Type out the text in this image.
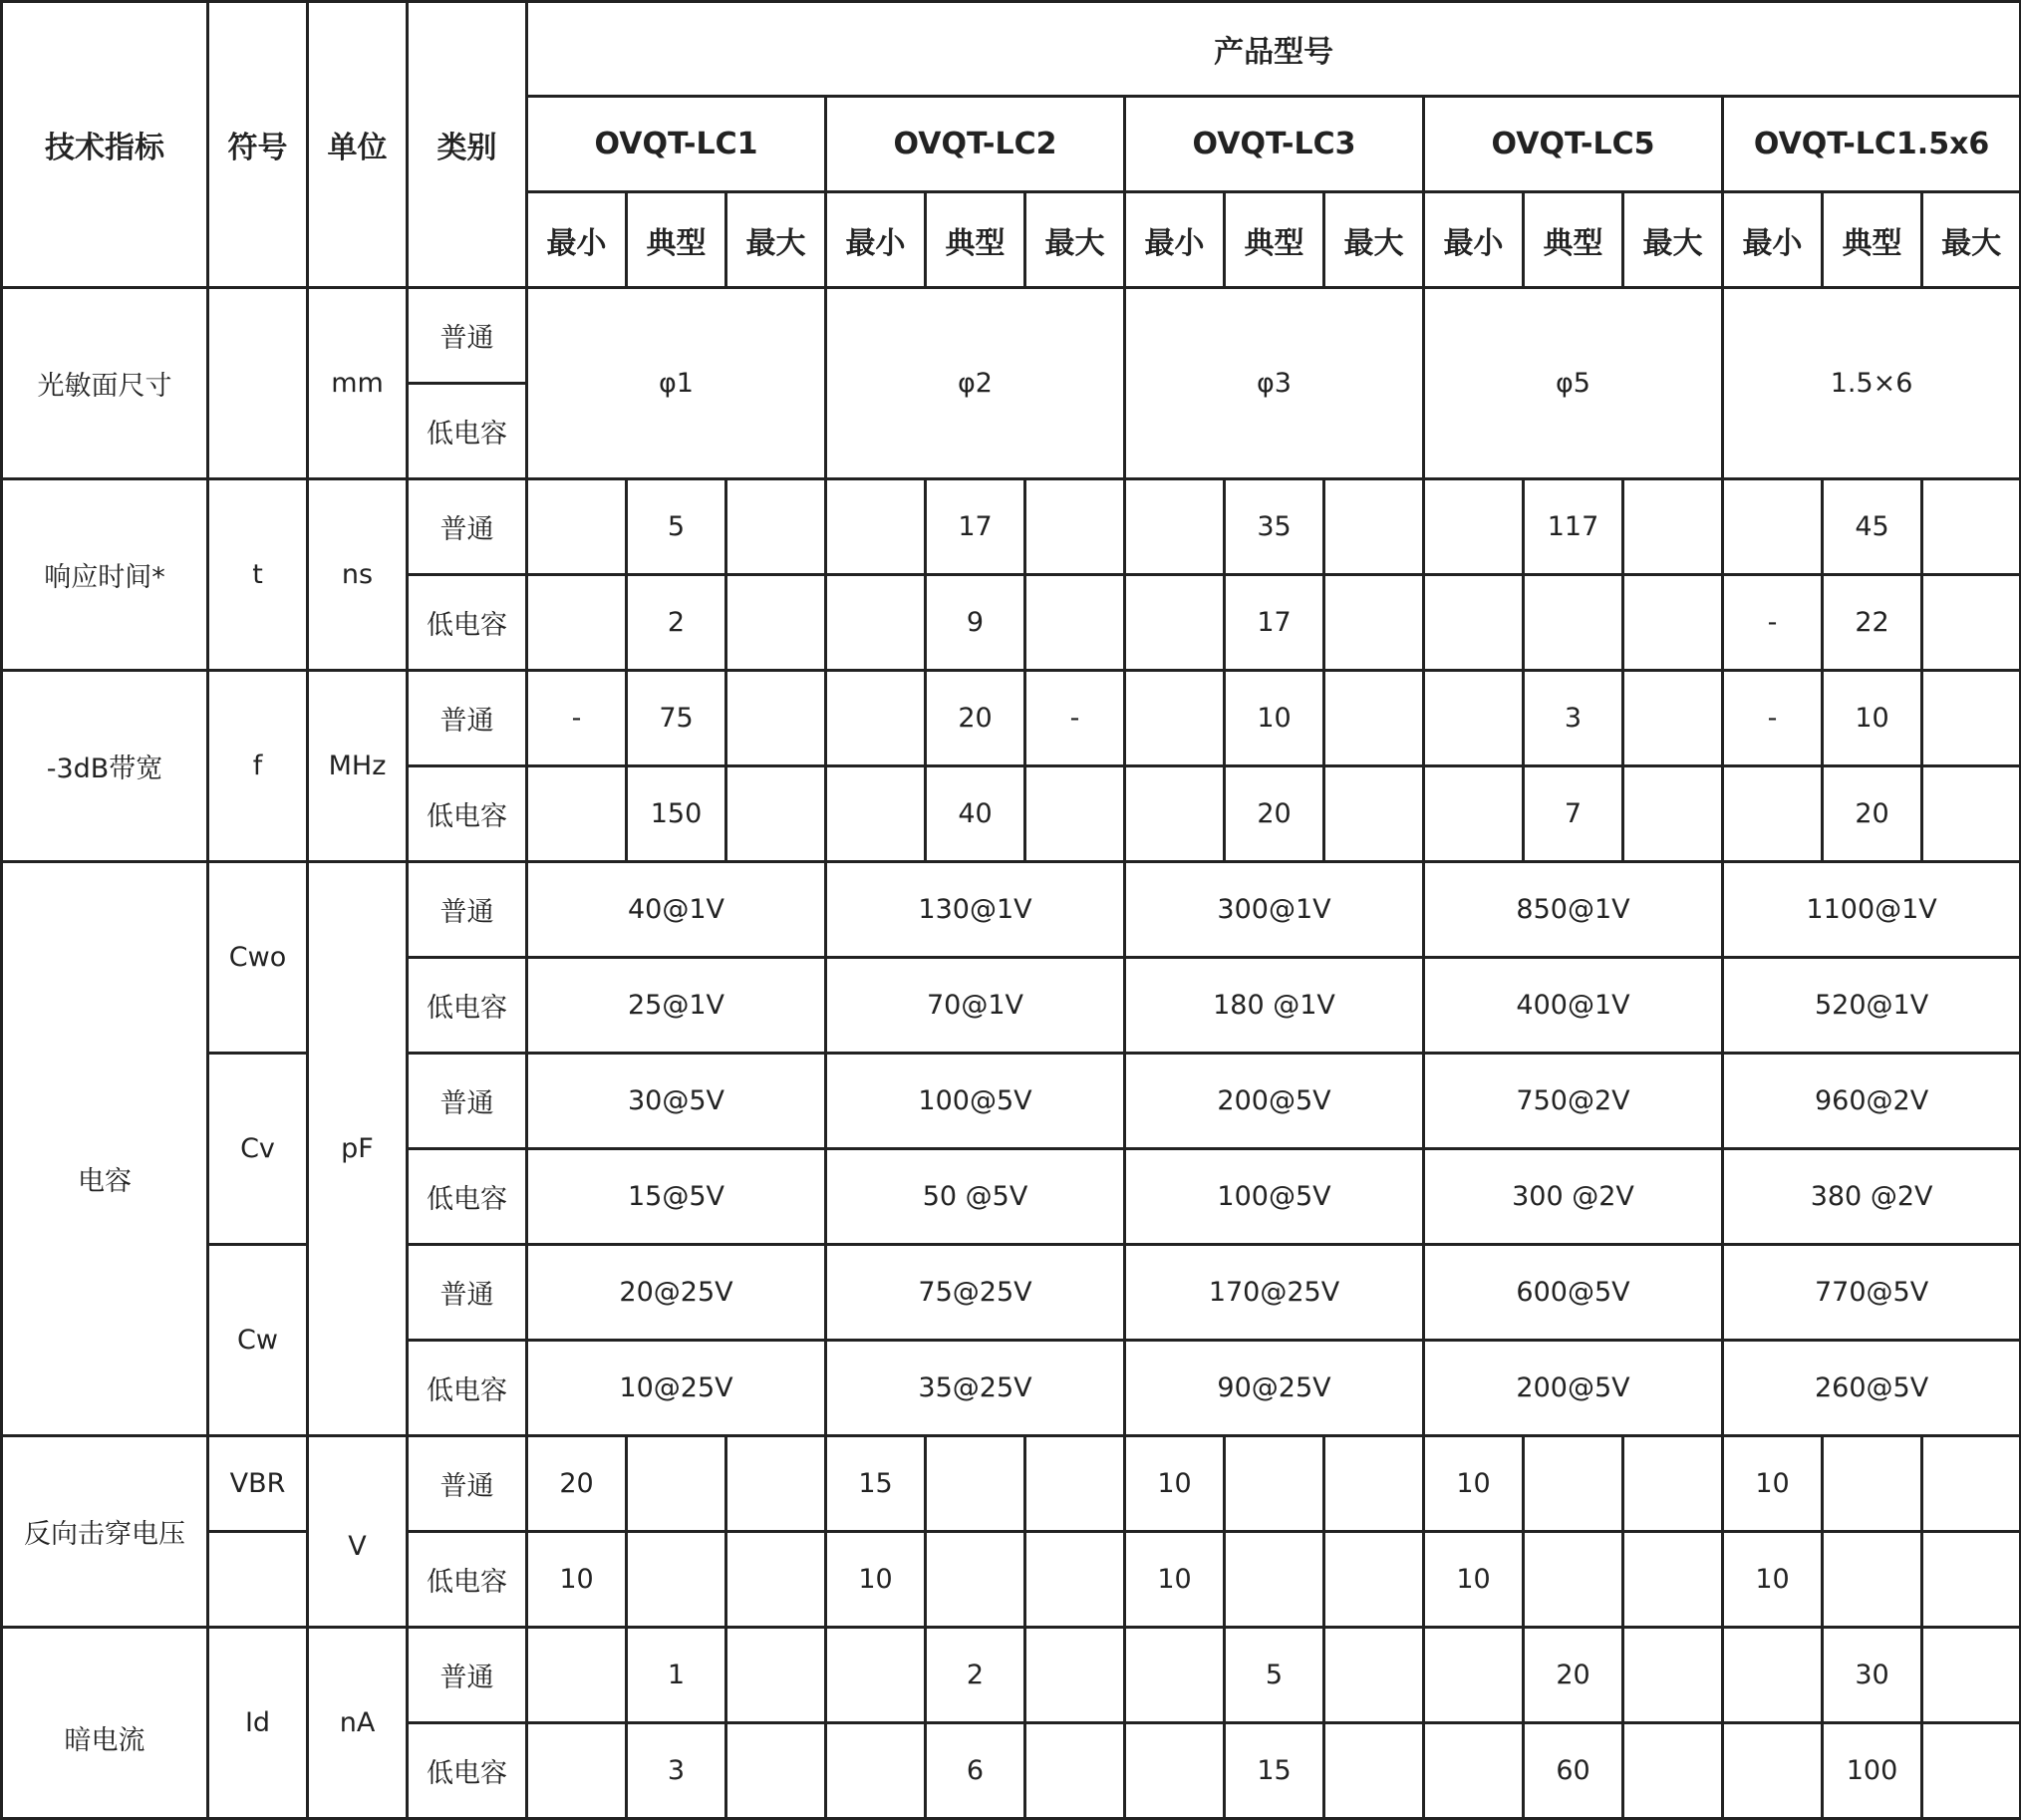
技术指标	符号	单位	类别	产品型号														
				OVQT-LC1			OVQT-LC2			OVQT-LC3			OVQT-LC5			OVQT-LC1.5x6		
				最小	典型	最大	最小	典型	最大	最小	典型	最大	最小	典型	最大	最小	典型	最大
光敏面尺寸		mm	普通	φ1			φ2			φ3			φ5			1.5×6		
			低电容															
响应时间*	t	ns	普通		5			17			35			117			45	
			低电容		2			9			17					-	22	
-3dB带宽	f	MHz	普通	-	75			20	-		10			3		-	10	
			低电容		150			40			20			7			20	
电容	Cwo	pF	普通	40@1V			130@1V			300@1V			850@1V			1100@1V		
			低电容	25@1V			70@1V			180 @1V			400@1V			520@1V		
	Cv		普通	30@5V			100@5V			200@5V			750@2V			960@2V		
			低电容	15@5V			50 @5V			100@5V			300 @2V			380 @2V		
	Cw		普通	20@25V			75@25V			170@25V			600@5V			770@5V		
			低电容	10@25V			35@25V			90@25V			200@5V			260@5V		
反向击穿电压	VBR	V	普通	20			15			10			10			10		
			低电容	10			10			10			10			10		
暗电流	Id	nA	普通		1			2			5			20			30	
			低电容		3			6			15			60			100	
